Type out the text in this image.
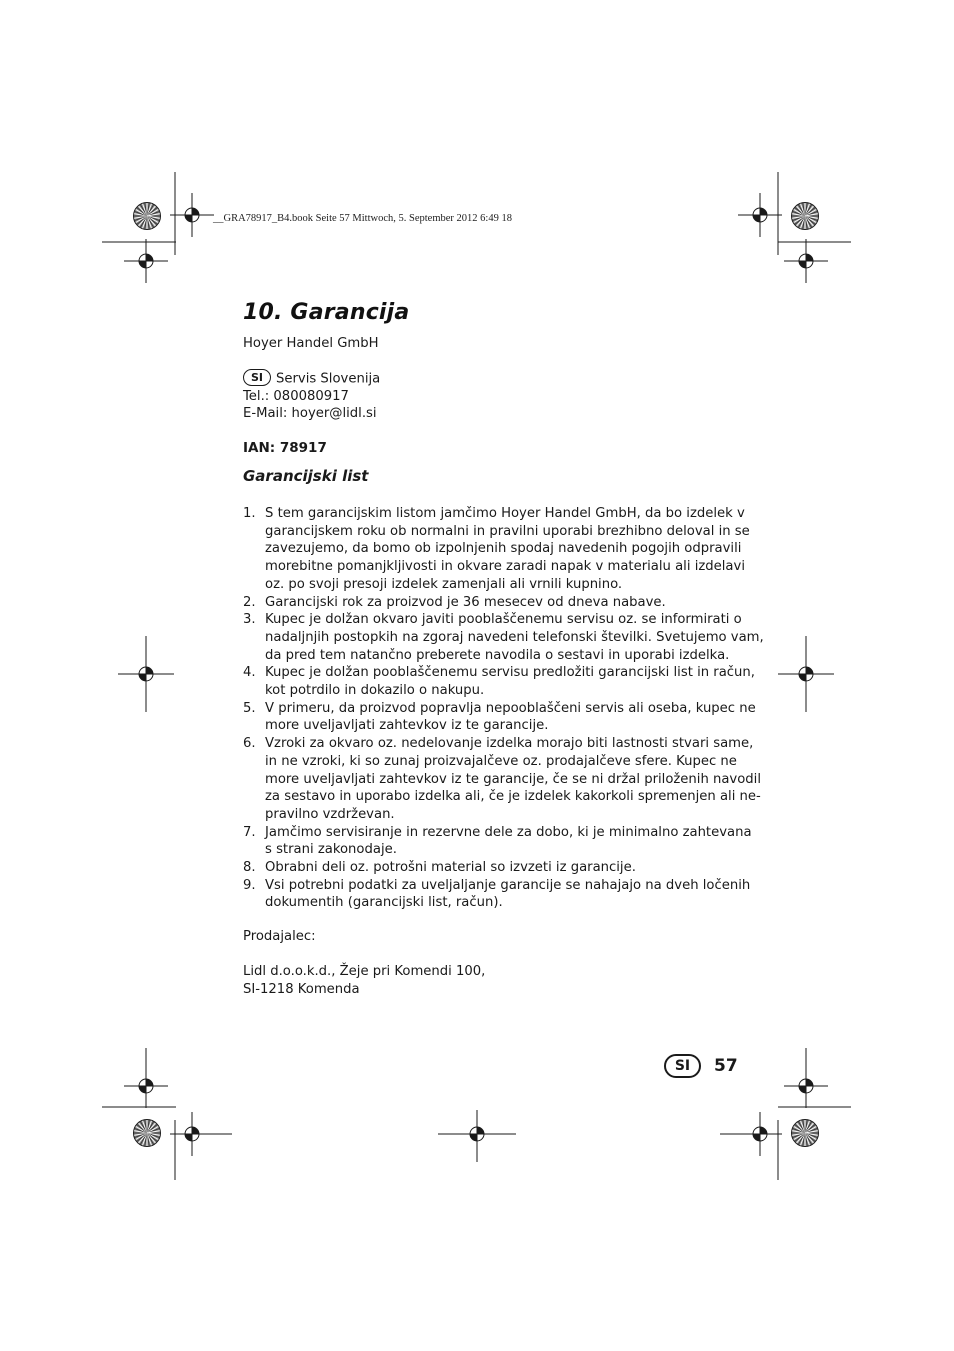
__GRA78917_B4.book Seite 57 Mittwoch, 5. September 2012 6:49 18
10. Garancija
Hoyer Handel GmbH
SI Servis Slovenija
Tel.: 080080917
E-Mail: hoyer@lidl.si
IAN: 78917
Garancijski list
1. S tem garancijskim listom jamčimo Hoyer Handel GmbH, da bo izdelek v
garancijskem roku ob normalni in pravilni uporabi brezhibno deloval in se
zavezujemo, da bomo ob izpolnjenih spodaj navedenih pogojih odpravili
morebitne pomanjkljivosti in okvare zaradi napak v materialu ali izdelavi
oz. po svoji presoji izdelek zamenjali ali vrnili kupnino.
2. Garancijski rok za proizvod je 36 mesecev od dneva nabave.
3. Kupec je dolžan okvaro javiti pooblaščenemu servisu oz. se informirati o
nadaljnjih postopkih na zgoraj navedeni telefonski številki. Svetujemo vam,
da pred tem natančno preberete navodila o sestavi in uporabi izdelka.
4. Kupec je dolžan pooblaščenemu servisu predložiti garancijski list in račun,
kot potrdilo in dokazilo o nakupu.
5. V primeru, da proizvod popravlja nepooblaščeni servis ali oseba, kupec ne
more uveljavljati zahtevkov iz te garancije.
6. Vzroki za okvaro oz. nedelovanje izdelka morajo biti lastnosti stvari same,
in ne vzroki, ki so zunaj proizvajalčeve oz. prodajalčeve sfere. Kupec ne
more uveljavljati zahtevkov iz te garancije, če se ni držal priloženih navodil
za sestavo in uporabo izdelka ali, če je izdelek kakorkoli spremenjen ali ne-
pravilno vzdrževan.
7. Jamčimo servisiranje in rezervne dele za dobo, ki je minimalno zahtevana
s strani zakonodaje.
8. Obrabni deli oz. potrošni material so izvzeti iz garancije.
9. Vsi potrebni podatki za uveljaljanje garancije se nahajajo na dveh ločenih
dokumentih (garancijski list, račun).
Prodajalec:
Lidl d.o.o.k.d., Žeje pri Komendi 100,
SI-1218 Komenda
SI	57
